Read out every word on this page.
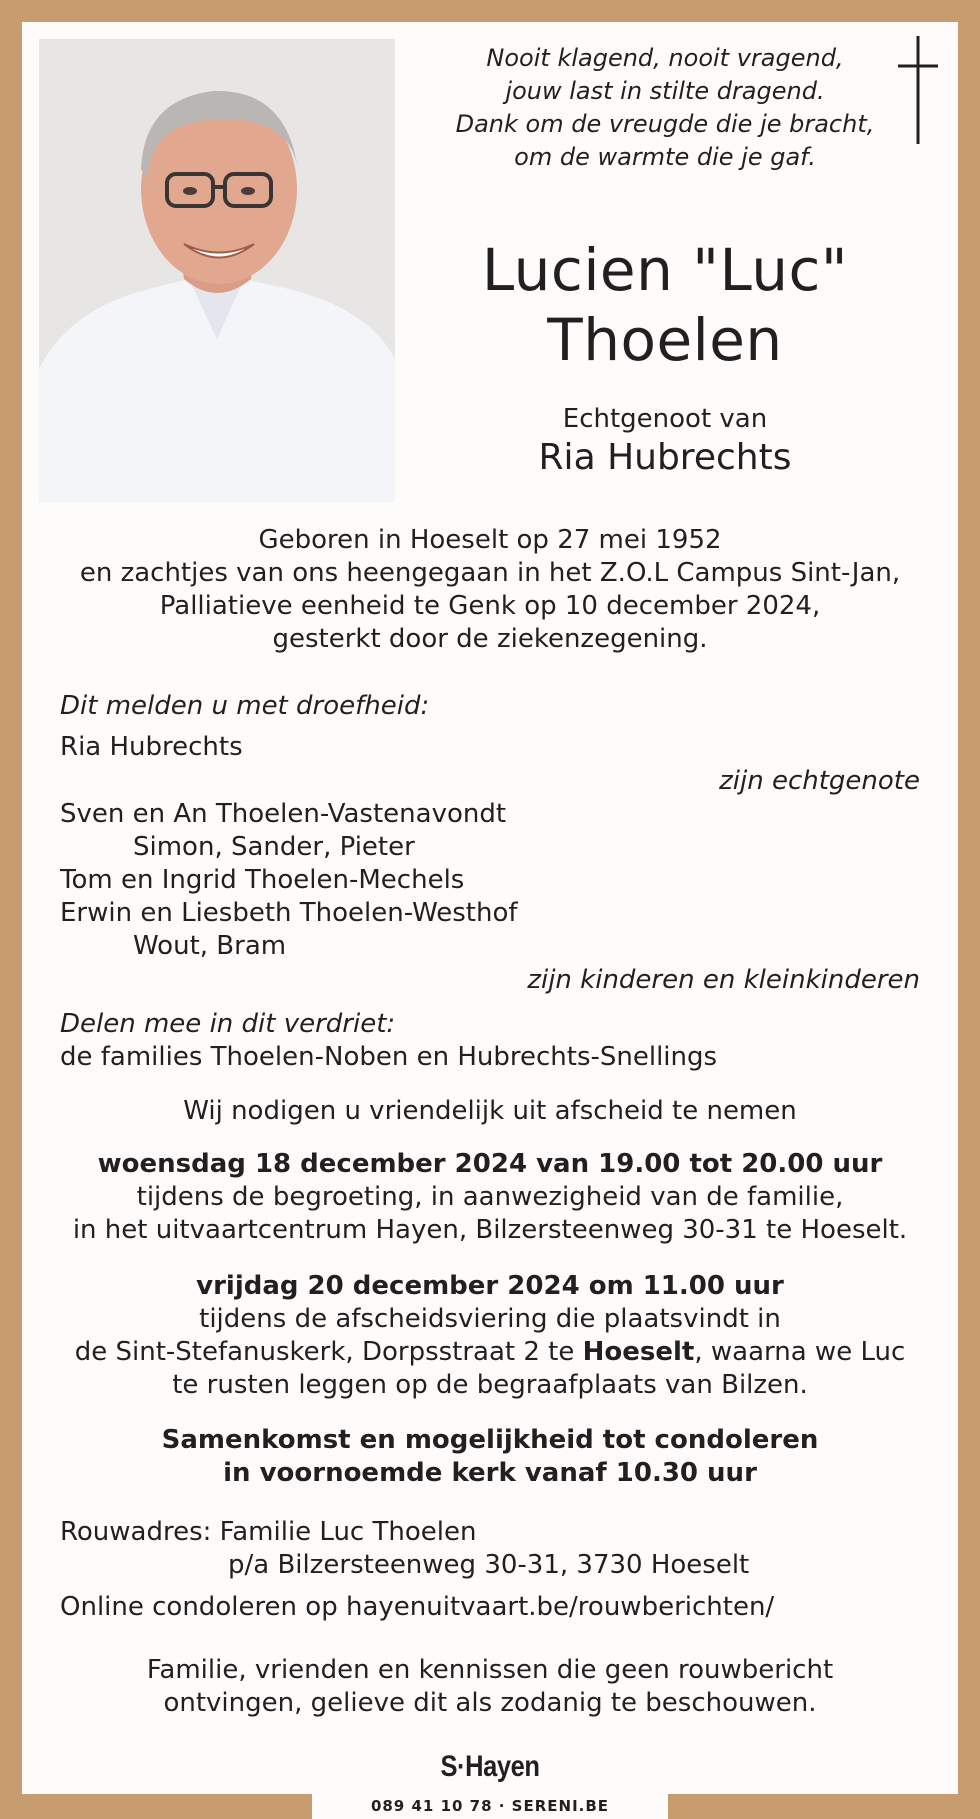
Nooit klagend, nooit vragend,
jouw last in stilte dragend.
Dank om de vreugde die je bracht,
om de warmte die je gaf.
Lucien "Luc"
Thoelen
Echtgenoot van
Ria Hubrechts
Geboren in Hoeselt op 27 mei 1952
en zachtjes van ons heengegaan in het Z.O.L Campus Sint-Jan,
Palliatieve eenheid te Genk op 10 december 2024,
gesterkt door de ziekenzegening.
Dit melden u met droefheid:
Ria Hubrechts
zijn echtgenote
Sven en An Thoelen-Vastenavondt
Simon, Sander, Pieter
Tom en Ingrid Thoelen-Mechels
Erwin en Liesbeth Thoelen-Westhof
Wout, Bram
zijn kinderen en kleinkinderen
Delen mee in dit verdriet:
de families Thoelen-Noben en Hubrechts-Snellings
Wij nodigen u vriendelijk uit afscheid te nemen
woensdag 18 december 2024 van 19.00 tot 20.00 uur
tijdens de begroeting, in aanwezigheid van de familie,
in het uitvaartcentrum Hayen, Bilzersteenweg 30-31 te Hoeselt.
vrijdag 20 december 2024 om 11.00 uur
tijdens de afscheidsviering die plaatsvindt in
de Sint-Stefanuskerk, Dorpsstraat 2 te Hoeselt, waarna we Luc
te rusten leggen op de begraafplaats van Bilzen.
Samenkomst en mogelijkheid tot condoleren
in voornoemde kerk vanaf 10.30 uur
Rouwadres: Familie Luc Thoelen
p/a Bilzersteenweg 30-31, 3730 Hoeselt
Online condoleren op hayenuitvaart.be/rouwberichten/
Familie, vrienden en kennissen die geen rouwbericht
ontvingen, gelieve dit als zodanig te beschouwen.
S·Hayen
089 41 10 78 · SERENI.BE
